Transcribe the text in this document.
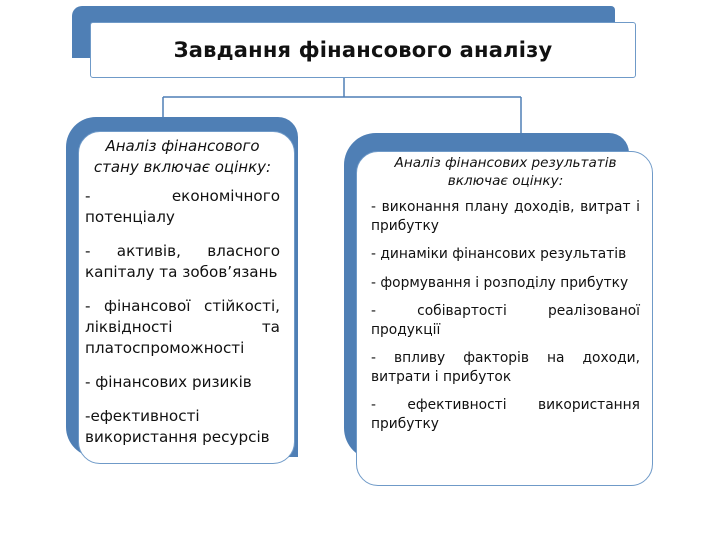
Завдання фінансового аналізу

Аналіз фінансового стану включає оцінку:

- економічного потенціалу

- активів, власного капіталу та зобов’язань

- фінансової стійкості, ліквідності та платоспроможності

- фінансових ризиків

-ефективності використання ресурсів

Аналіз фінансових результатів включає оцінку:

- виконання плану доходів, витрат і прибутку

- динаміки фінансових результатів

- формування і розподілу прибутку

- собівартості реалізованої продукції

- впливу факторів на доходи, витрати і прибуток

- ефективності використання прибутку
